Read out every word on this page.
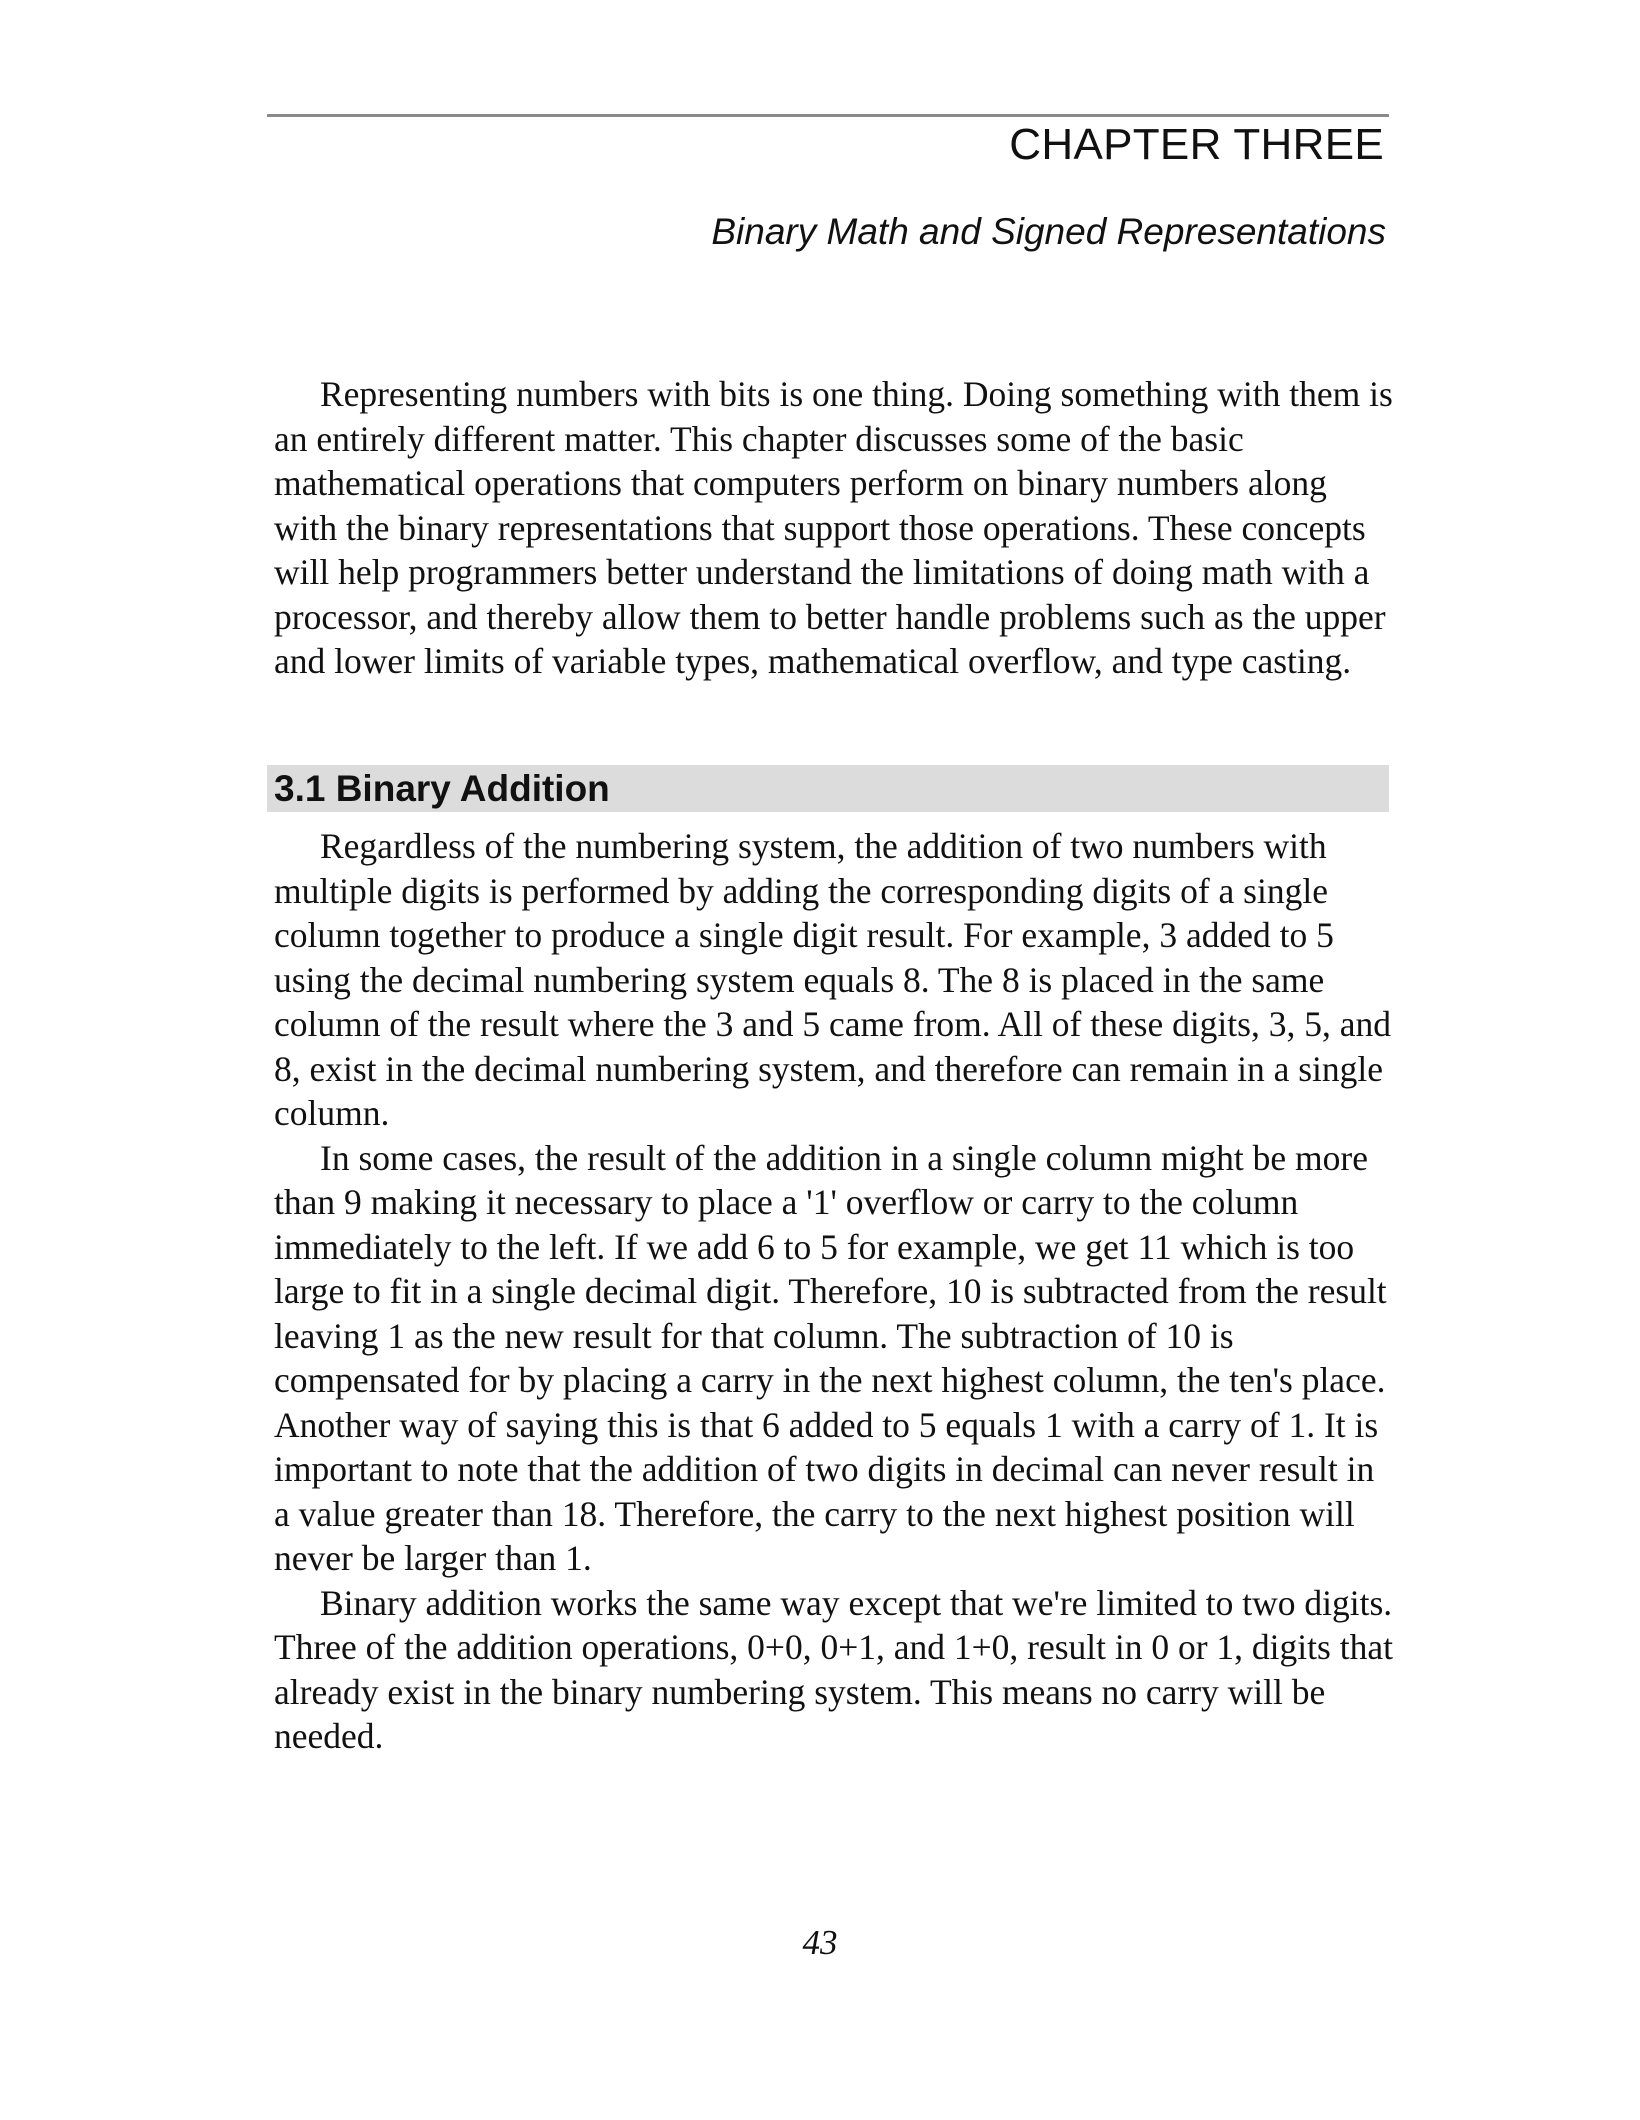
CHAPTER THREE
Binary Math and Signed Representations

Representing numbers with bits is one thing. Doing something with them is an entirely different matter. This chapter discusses some of the basic mathematical operations that computers perform on binary numbers along with the binary representations that support those operations. These concepts will help programmers better understand the limitations of doing math with a processor, and thereby allow them to better handle problems such as the upper and lower limits of variable types, mathematical overflow, and type casting.

3.1 Binary Addition

Regardless of the numbering system, the addition of two numbers with multiple digits is performed by adding the corresponding digits of a single column together to produce a single digit result. For example, 3 added to 5 using the decimal numbering system equals 8. The 8 is placed in the same column of the result where the 3 and 5 came from. All of these digits, 3, 5, and 8, exist in the decimal numbering system, and therefore can remain in a single column.

In some cases, the result of the addition in a single column might be more than 9 making it necessary to place a '1' overflow or carry to the column immediately to the left. If we add 6 to 5 for example, we get 11 which is too large to fit in a single decimal digit. Therefore, 10 is subtracted from the result leaving 1 as the new result for that column. The subtraction of 10 is compensated for by placing a carry in the next highest column, the ten's place. Another way of saying this is that 6 added to 5 equals 1 with a carry of 1. It is important to note that the addition of two digits in decimal can never result in a value greater than 18. Therefore, the carry to the next highest position will never be larger than 1.

Binary addition works the same way except that we're limited to two digits. Three of the addition operations, 0+0, 0+1, and 1+0, result in 0 or 1, digits that already exist in the binary numbering system. This means no carry will be needed.

43
